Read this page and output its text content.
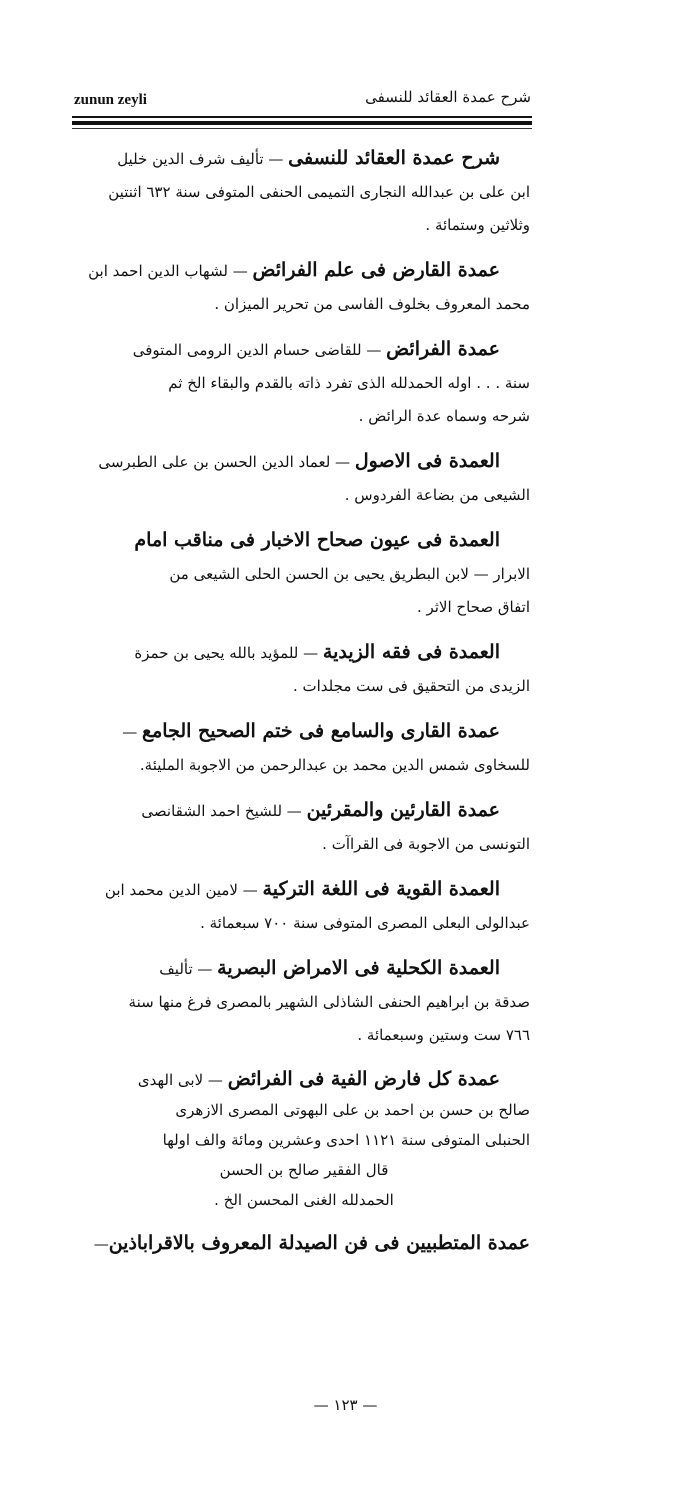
zunun zeyli	شرح عمدة العقائد للنسفى
شرح عمدة العقائد للنسفى — تأليف شرف الدين خليل
ابن على بن عبدالله النجارى التميمى الحنفى المتوفى سنة ٦٣٢ اثنتين
وثلاثين وستمائة .
عمدة القارض فى علم الفرائض — لشهاب الدين احمد ابن
محمد المعروف بخلوف الفاسى من تحرير الميزان .
عمدة الفرائض — للقاضى حسام الدين الرومى المتوفى
سنة . . . اوله الحمدلله الذى تفرد ذاته بالقدم والبقاء الخ ثم
شرحه وسماه عدة الرائض .
العمدة فى الاصول — لعماد الدين الحسن بن على الطبرسى
الشيعى من بضاعة الفردوس .
العمدة فى عيون صحاح الاخبار فى مناقب امام
الابرار — لابن البطريق يحيى بن الحسن الحلى الشيعى من
اتفاق صحاح الاثر .
العمدة فى فقه الزيدية — للمؤيد بالله يحيى بن حمزة
الزيدى من التحقيق فى ست مجلدات .
عمدة القارى والسامع فى ختم الصحيح الجامع —
للسخاوى شمس الدين محمد بن عبدالرحمن من الاجوبة المليئة.
عمدة القارئين والمقرئين — للشيخ احمد الشقانصى
التونسى من الاجوبة فى القراآت .
العمدة القوية فى اللغة التركية — لامين الدين محمد ابن
عبدالولى البعلى المصرى المتوفى سنة ٧٠٠ سبعمائة .
العمدة الكحلية فى الامراض البصرية — تأليف
صدقة بن ابراهيم الحنفى الشاذلى الشهير بالمصرى فرغ منها سنة
٧٦٦ ست وستين وسبعمائة .
عمدة كل فارض الفية فى الفرائض — لابى الهدى
صالح بن حسن بن احمد بن على البهوتى المصرى الازهرى
الحنبلى المتوفى سنة ١١٢١ احدى وعشرين ومائة والف اولها
قال الفقير صالح بن الحسن
الحمدلله الغنى المحسن الخ .
عمدة المتطبيين فى فن الصيدلة المعروف بالاقراباذين—
— ١٢٣ —
